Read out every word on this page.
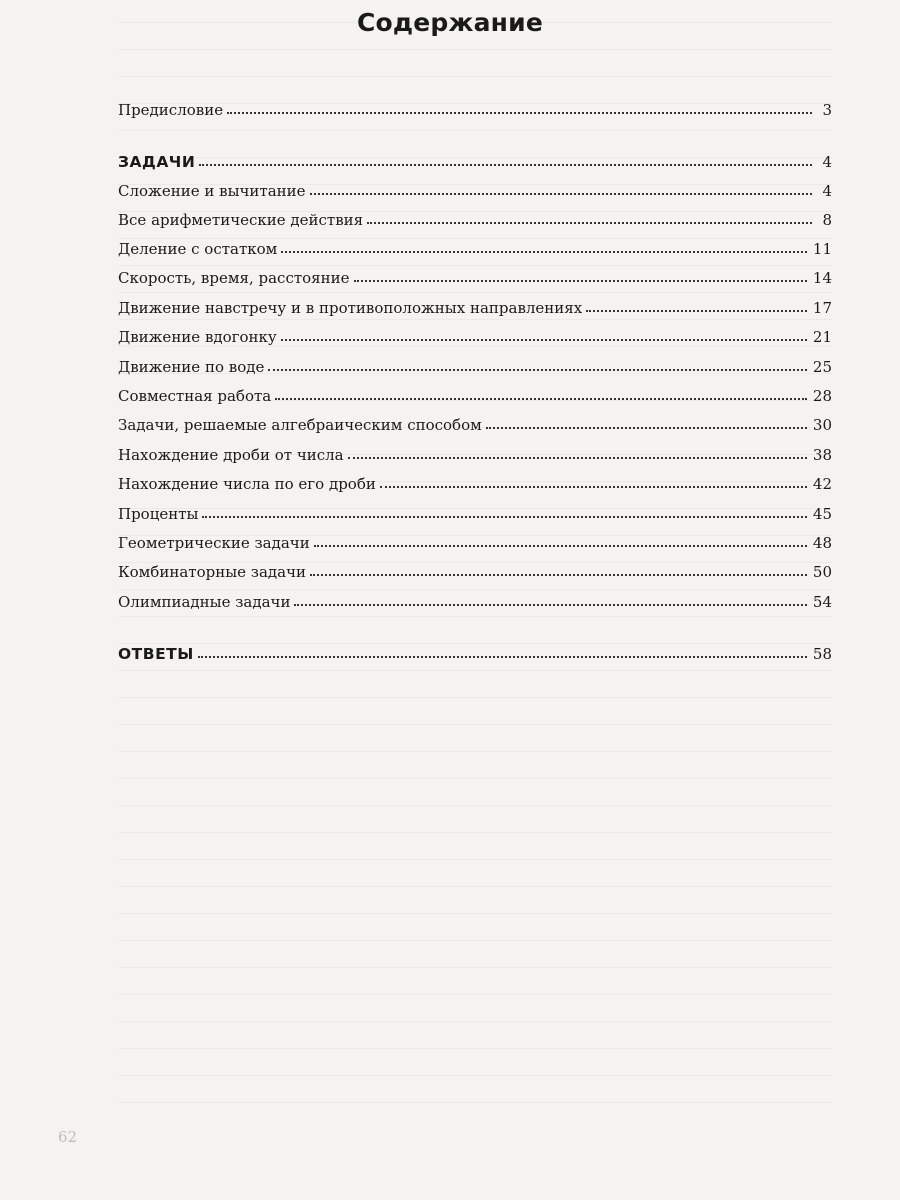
Содержание
Предисловие	3
ЗАДАЧИ	4
Сложение и вычитание	4
Все арифметические действия	8
Деление с остатком	11
Скорость, время, расстояние	14
Движение навстречу и в противоположных направлениях	17
Движение вдогонку	21
Движение по воде	25
Совместная работа	28
Задачи, решаемые алгебраическим способом	30
Нахождение дроби от числа	38
Нахождение числа по его дроби	42
Проценты	45
Геометрические задачи	48
Комбинаторные задачи	50
Олимпиадные задачи	54
ОТВЕТЫ	58
62
